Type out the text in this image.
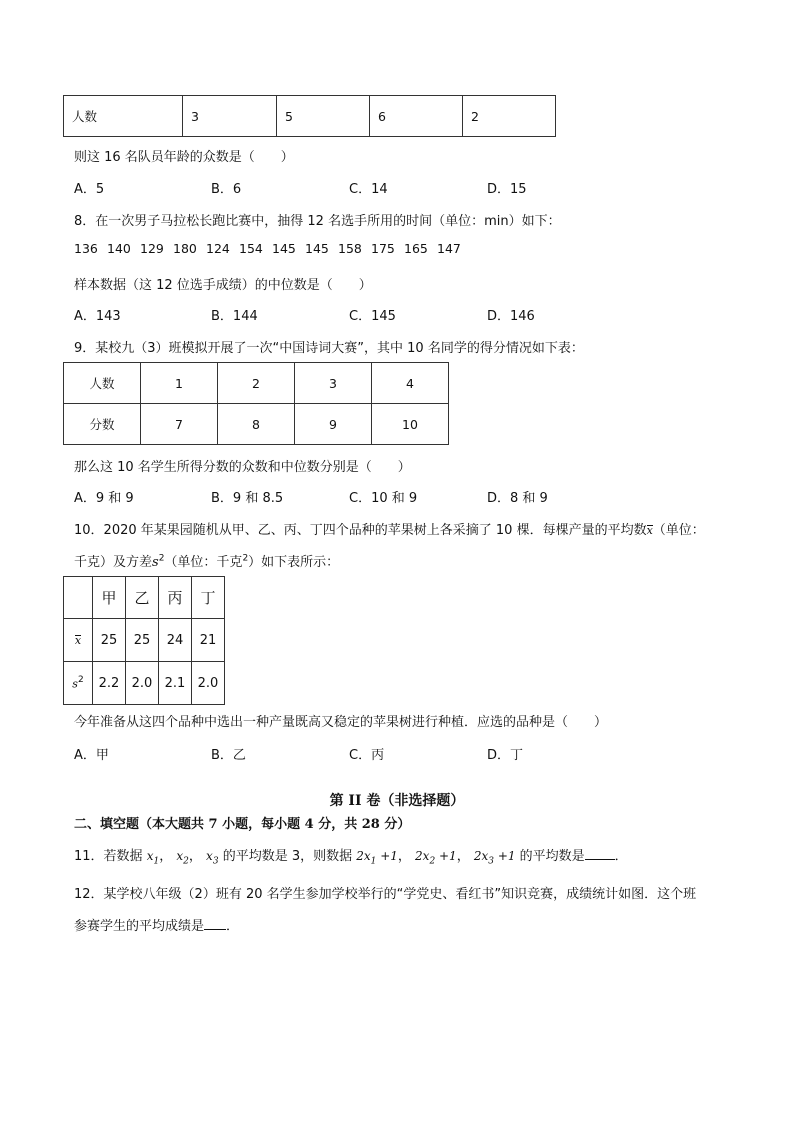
人数	3	5	6	2
则这 16 名队员年龄的众数是（　　）
A．5	B．6	C．14	D．15
8．在一次男子马拉松长跑比赛中，抽得 12 名选手所用的时间（单位：min）如下：
136 140 129 180 124 154 145 145 158 175 165 147
样本数据（这 12 位选手成绩）的中位数是（　　）
A．143	B．144	C．145	D．146
9．某校九（3）班模拟开展了一次“中国诗词大赛”，其中 10 名同学的得分情况如下表：
人数	1	2	3	4
分数	7	8	9	10
那么这 10 名学生所得分数的众数和中位数分别是（　　）
A．9 和 9	B．9 和 8.5	C．10 和 9	D．8 和 9
10．2020 年某果园随机从甲、乙、丙、丁四个品种的苹果树上各采摘了 10 棵．每棵产量的平均数x（单位：
千克）及方差$s^2$（单位：千克$^2$）如下表所示：
	甲	乙	丙	丁
x	25	25	24	21
$s^2$	2.2	2.0	2.1	2.0
今年准备从这四个品种中选出一种产量既高又稳定的苹果树进行种植．应选的品种是（　　）
A．甲	B．乙	C．丙	D．丁
第 II 卷（非选择题）
二、填空题（本大题共 7 小题，每小题 4 分，共 28 分）
11．若数据 $x_1$， $x_2$， $x_3$ 的平均数是 3，则数据 $2x_1 +1$， $2x_2 +1$， $2x_3 +1$ 的平均数是 ．
12．某学校八年级（2）班有 20 名学生参加学校举行的“学党史、看红书”知识竞赛，成绩统计如图．这个班
参赛学生的平均成绩是 ．
